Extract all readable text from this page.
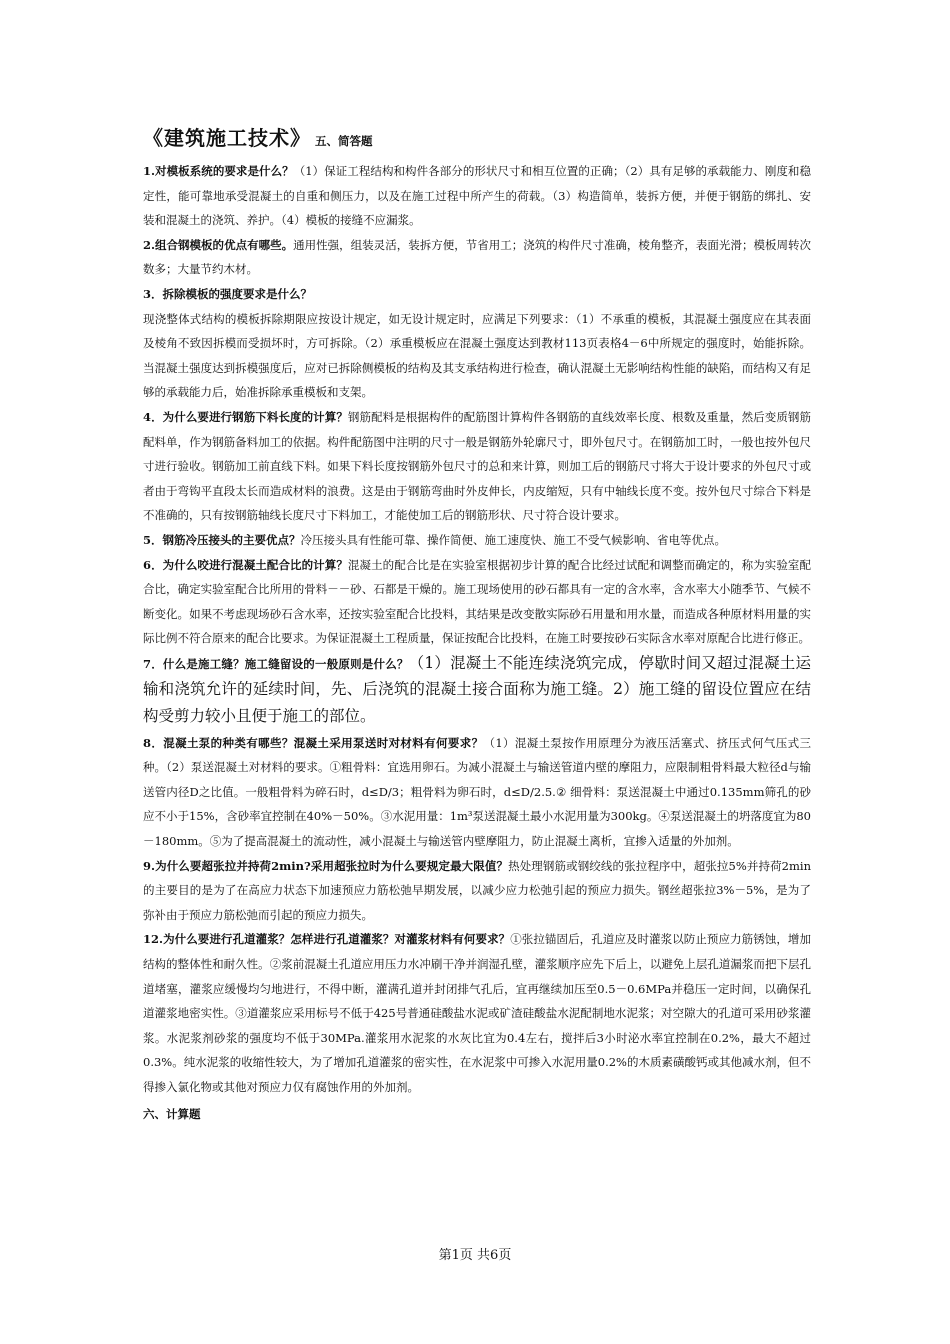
《建筑施工技术》 五、简答题

1.对模板系统的要求是什么？（1）保证工程结构和构件各部分的形状尺寸和相互位置的正确；（2）具有足够的承载能力、刚度和稳定性，能可靠地承受混凝土的自重和侧压力，以及在施工过程中所产生的荷载。（3）构造简单，装拆方便，并便于钢筋的绑扎、安装和混凝土的浇筑、养护。（4）模板的接缝不应漏浆。

2.组合钢模板的优点有哪些。通用性强，组装灵活，装拆方便，节省用工；浇筑的构件尺寸准确，棱角整齐，表面光滑；模板周转次数多；大量节约木材。

3．拆除模板的强度要求是什么？

现浇整体式结构的模板拆除期限应按设计规定，如无设计规定时，应满足下列要求：（1）不承重的模板，其混凝土强度应在其表面及棱角不致因拆模而受损坏时，方可拆除。（2）承重模板应在混凝土强度达到教材113页表格4－6中所规定的强度时，始能拆除。当混凝土强度达到拆模强度后，应对已拆除侧模板的结构及其支承结构进行检查，确认混凝土无影响结构性能的缺陷，而结构又有足够的承载能力后，始准拆除承重模板和支架。

4．为什么要进行钢筋下料长度的计算？钢筋配料是根据构件的配筋图计算构件各钢筋的直线效率长度、根数及重量，然后变质钢筋配料单，作为钢筋备料加工的依据。构件配筋图中注明的尺寸一般是钢筋外轮廓尺寸，即外包尺寸。在钢筋加工时，一般也按外包尺寸进行验收。钢筋加工前直线下料。如果下料长度按钢筋外包尺寸的总和来计算，则加工后的钢筋尺寸将大于设计要求的外包尺寸或者由于弯钩平直段太长而造成材料的浪费。这是由于钢筋弯曲时外皮伸长，内皮缩短，只有中轴线长度不变。按外包尺寸综合下料是不准确的，只有按钢筋轴线长度尺寸下料加工，才能使加工后的钢筋形状、尺寸符合设计要求。

5．钢筋冷压接头的主要优点？冷压接头具有性能可靠、操作简便、施工速度快、施工不受气候影响、省电等优点。

6．为什么咬进行混凝土配合比的计算？混凝土的配合比是在实验室根据初步计算的配合比经过试配和调整而确定的，称为实验室配合比，确定实验室配合比所用的骨料－－砂、石都是干燥的。施工现场使用的砂石都具有一定的含水率，含水率大小随季节、气候不断变化。如果不考虑现场砂石含水率，还按实验室配合比投料，其结果是改变散实际砂石用量和用水量，而造成各种原材料用量的实际比例不符合原来的配合比要求。为保证混凝土工程质量，保证按配合比投料，在施工时要按砂石实际含水率对原配合比进行修正。

7．什么是施工缝？施工缝留设的一般原则是什么？（1）混凝土不能连续浇筑完成，停歇时间又超过混凝土运输和浇筑允许的延续时间，先、后浇筑的混凝土接合面称为施工缝。2）施工缝的留设位置应在结构受剪力较小且便于施工的部位。

8．混凝土泵的种类有哪些？混凝土采用泵送时对材料有何要求？（1）混凝土泵按作用原理分为液压活塞式、挤压式何气压式三种。（2）泵送混凝土对材料的要求。①粗骨料：宜选用卵石。为减小混凝土与输送管道内壁的摩阻力，应限制粗骨料最大粒径d与输送管内径D之比值。一般粗骨料为碎石时，d≤D/3；粗骨料为卵石时，d≤D/2.5.② 细骨料：泵送混凝土中通过0.135mm筛孔的砂应不小于15%，含砂率宜控制在40%－50%。③水泥用量：1m³泵送混凝土最小水泥用量为300kg。④泵送混凝土的坍落度宜为80－180mm。⑤为了提高混凝土的流动性，减小混凝土与输送管内壁摩阻力，防止混凝土离析，宜掺入适量的外加剂。

9.为什么要超张拉并持荷2min?采用超张拉时为什么要规定最大限值？热处理钢筋或钢绞线的张拉程序中，超张拉5%并持荷2min的主要目的是为了在高应力状态下加速预应力筋松弛早期发展，以减少应力松弛引起的预应力损失。钢丝超张拉3%－5%，是为了弥补由于预应力筋松弛而引起的预应力损失。

12.为什么要进行孔道灌浆？怎样进行孔道灌浆？对灌浆材料有何要求？①张拉锚固后，孔道应及时灌浆以防止预应力筋锈蚀，增加结构的整体性和耐久性。②浆前混凝土孔道应用压力水冲刷干净并润湿孔壁，灌浆顺序应先下后上，以避免上层孔道漏浆而把下层孔道堵塞，灌浆应缓慢均匀地进行，不得中断，灌满孔道并封闭排气孔后，宜再继续加压至0.5－0.6MPa并稳压一定时间，以确保孔道灌浆地密实性。③道灌浆应采用标号不低于425号普通硅酸盐水泥或矿渣硅酸盐水泥配制地水泥浆；对空隙大的孔道可采用砂浆灌浆。水泥浆剂砂浆的强度均不低于30MPa.灌浆用水泥浆的水灰比宜为0.4左右，搅拌后3小时泌水率宜控制在0.2%，最大不超过0.3%。纯水泥浆的收缩性较大，为了增加孔道灌浆的密实性，在水泥浆中可掺入水泥用量0.2%的木质素磺酸钙或其他减水剂，但不得掺入氯化物或其他对预应力仅有腐蚀作用的外加剂。

六、计算题

第1页 共6页
